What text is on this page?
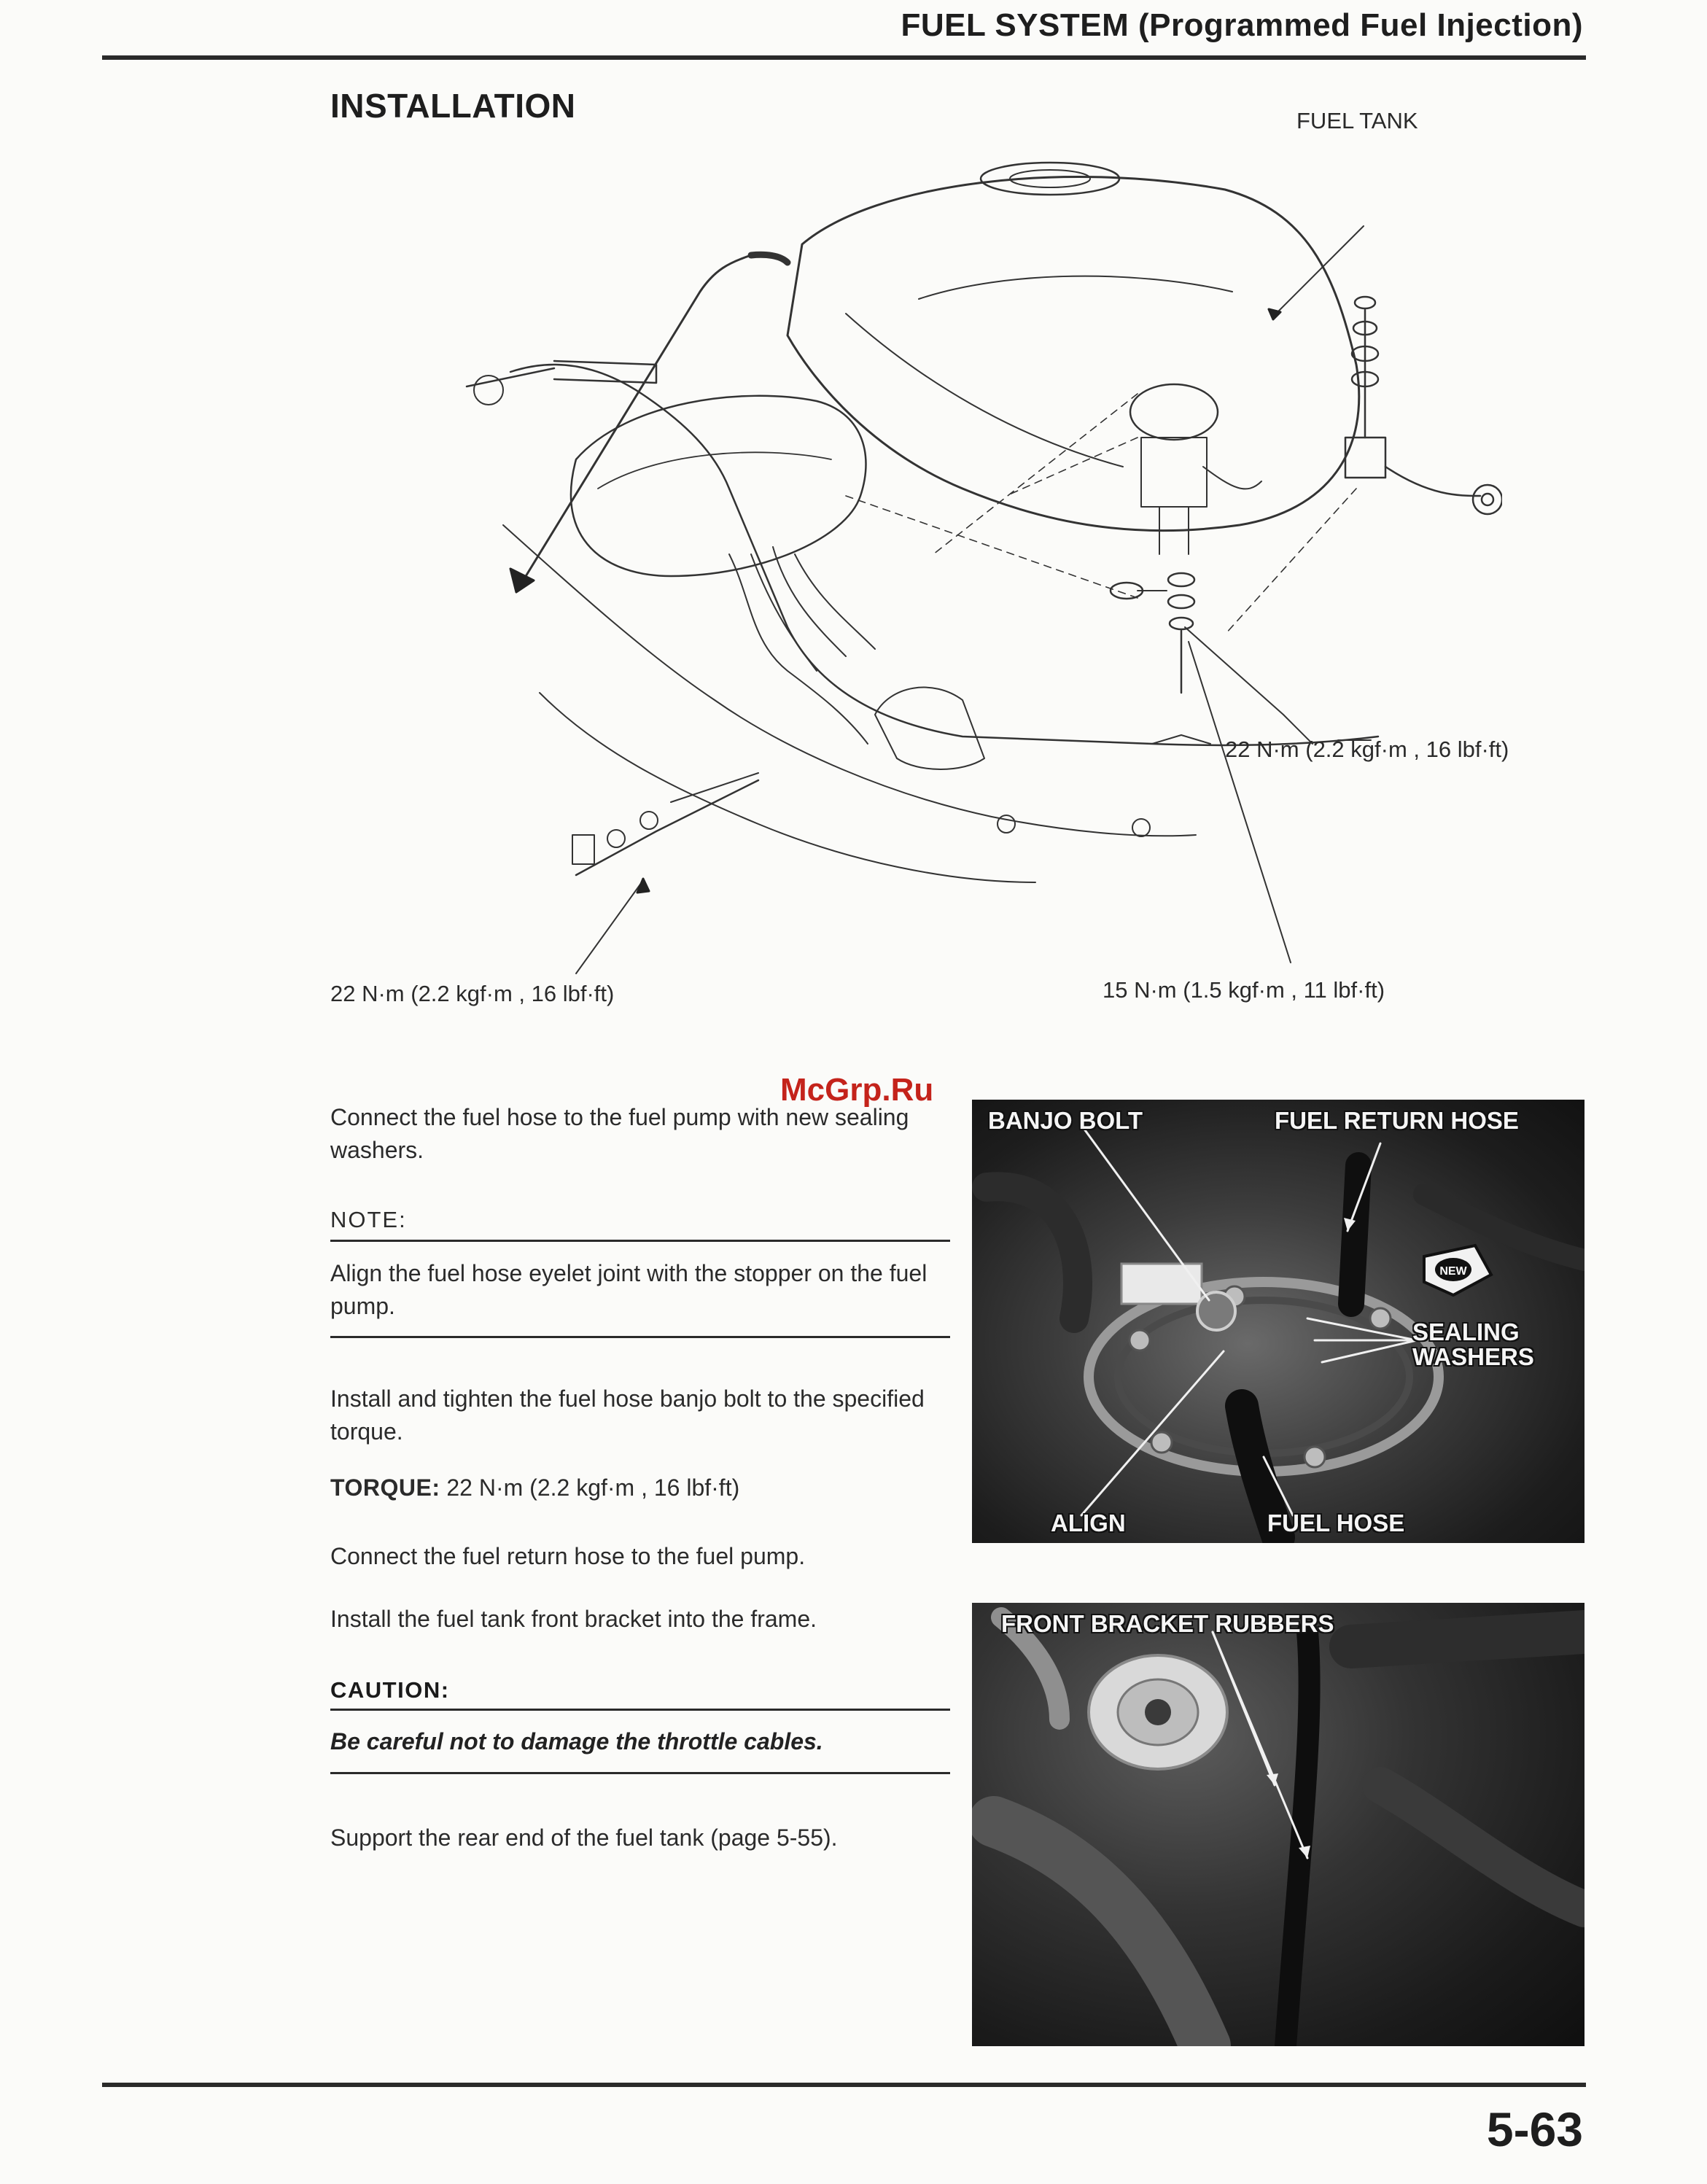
FUEL SYSTEM (Programmed Fuel Injection)
INSTALLATION	FUEL TANK
22 N·m (2.2 kgf·m , 16 lbf·ft)
22 N·m (2.2 kgf·m , 16 lbf·ft)	15 N·m (1.5 kgf·m , 11 lbf·ft)
McGrp.Ru
Connect the fuel hose to the fuel pump with new sealing washers.
NOTE:
Align the fuel hose eyelet joint with the stopper on the fuel pump.
Install and tighten the fuel hose banjo bolt to the specified torque.
TORQUE: 22 N·m (2.2 kgf·m , 16 lbf·ft)
Connect the fuel return hose to the fuel pump.
Install the fuel tank front bracket into the frame.
CAUTION:
Be careful not to damage the throttle cables.
Support the rear end of the fuel tank (page 5-55).
NEW
BANJO BOLT	FUEL RETURN HOSE
SEALING
WASHERS
ALIGN	FUEL HOSE
FRONT BRACKET RUBBERS
5-63
